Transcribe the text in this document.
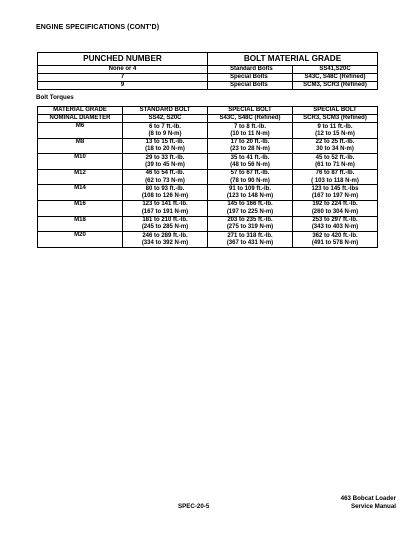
ENGINE SPECIFICATIONS (CONT'D)
PUNCHED NUMBER	BOLT MATERIAL GRADE	
None or 4	Standard Bolts	SS41,S20C
7	Special Bolts	S43C, S48C (Refined)
9	Special Bolts	SCM3, SCR3 (Refined)
Bolt Torques
MATERIAL GRADE	STANDARD BOLT	SPECIAL BOLT	SPECIAL BOLT
NOMINAL DIAMETER	SS42, S20C	S43C, S48C (Refined)	SCR3, SCM3 (Refined)
M6	6 to 7 ft.-lb.	7 to 8 ft.-lb.	9 to 11 ft.-lb.
	(8 to 9 N-m)	(10 to 11 N-m)	(12 to 15 N-m)
M8	13 to 15 ft.-lb.	17 to 20 ft.-lb.	22 to 25 ft.-lb.
	(18 to 20 N-m)	(23 to 28 N-m)	30 to 34 N-m)
M10	29 to 33 ft.-lb.	35 to 41 ft.-lb.	45 to 52 ft.-lb.
	(39 to 45 N-m)	(48 to 56 N-m)	(61 to 71 N-m)
M12	46 to 54 ft.-lb.	57 to 67 ft.-lb.	76 to 87 ft.-lb.
	(62 to 73 N-m)	(78 to 90 N-m)	( 103 to 118 N-m)
M14	80 to 93 ft.-lb.	91 to 109 ft.-lb.	123 to 145 ft.-lbs
	(108 to 126 N-m)	(123 to 148 N-m)	(167 to 197 N-m)
M16	123 to 141 ft.-lb.	145 to 166 ft.-lb.	192 to 224 ft.-lb.
	(167 to 191 N-m)	(197 to 225 N-m)	(260 to 304 N-m)
M18	181 to 210 ft.-lb.	203 to 235 ft.-lb.	253 to 297 ft.-lb.
	(245 to 285 N-m)	(275 to 319 N-m)	(343 to 403 N-m)
M20	246 to 289 ft.-lb.	271 to 318 ft.-lb.	362 to 420 ft.-lb.
	(334 to 392 N-m)	(367 to 431 N-m)	(491 to 578 N-m)
SPEC-20-5
463 Bobcat Loader
Service Manual
